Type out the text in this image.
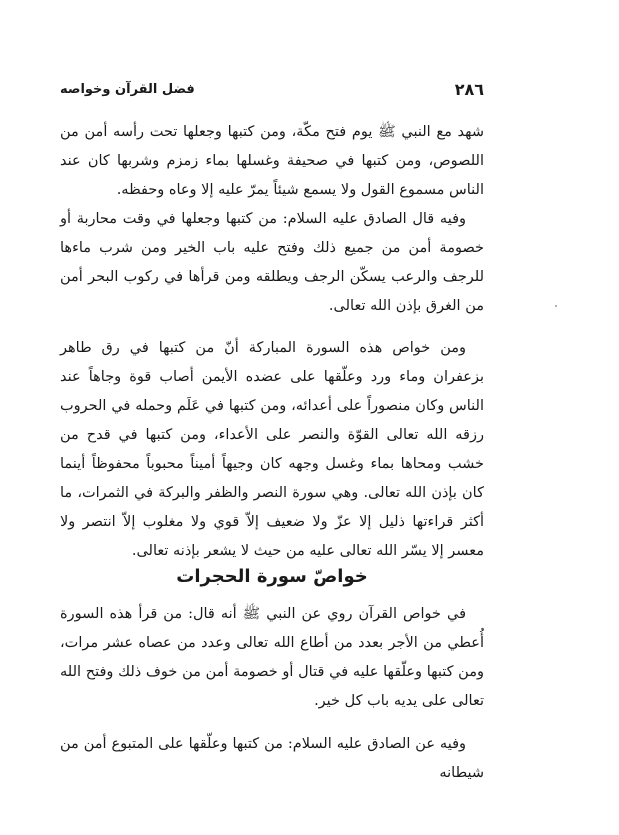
٢٨٦
فضل القرآن وخواصه

شهد مع النبي ﷺ يوم فتح مكّة، ومن كتبها وجعلها تحت رأسه أمن من اللصوص، ومن كتبها في صحيفة وغسلها بماء زمزم وشربها كان عند الناس مسموع القول ولا يسمع شيئاً يمرّ عليه إلا وعاه وحفظه.

وفيه قال الصادق عليه السلام: من كتبها وجعلها في وقت محاربة أو خصومة أمن من جميع ذلك وفتح عليه باب الخير ومن شرب ماءها للرجف والرعب يسكّن الرجف ويطلقه ومن قرأها في ركوب البحر أمن من الغرق بإذن الله تعالى.

ومن خواص هذه السورة المباركة أنّ من كتبها في رق طاهر بزعفران وماء ورد وعلّقها على عضده الأيمن أصاب قوة وجاهاً عند الناس وكان منصوراً على أعدائه، ومن كتبها في عَلَم وحمله في الحروب رزقه الله تعالى القوّة والنصر على الأعداء، ومن كتبها في قدح من خشب ومحاها بماء وغسل وجهه كان وجيهاً أميناً محبوباً محفوظاً أينما كان بإذن الله تعالى. وهي سورة النصر والظفر والبركة في الثمرات، ما أكثر قراءتها ذليل إلا عزّ ولا ضعيف إلاّ قوي ولا مغلوب إلاّ انتصر ولا معسر إلا يسّر الله تعالى عليه من حيث لا يشعر بإذنه تعالى.

خواصّ سورة الحجرات

في خواص القرآن روي عن النبي ﷺ أنه قال: من قرأ هذه السورة أُعطي من الأجر بعدد من أطاع الله تعالى وعدد من عصاه عشر مرات، ومن كتبها وعلّقها عليه في قتال أو خصومة أمن من خوف ذلك وفتح الله تعالى على يديه باب كل خير.

وفيه عن الصادق عليه السلام: من كتبها وعلّقها على المتبوع أمن من شيطانه
